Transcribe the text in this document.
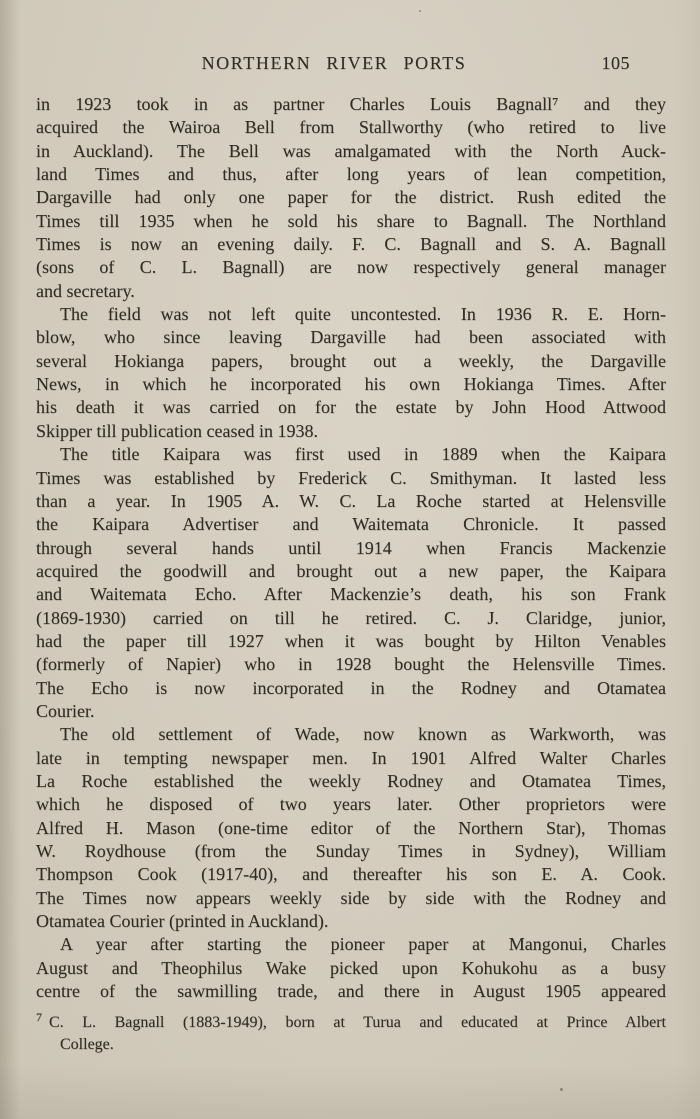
NORTHERN RIVER PORTS	105
in 1923 took in as partner Charles Louis Bagnall⁷ and they
acquired the Wairoa Bell from Stallworthy (who retired to live
in Auckland). The Bell was amalgamated with the North Auck-
land Times and thus, after long years of lean competition,
Dargaville had only one paper for the district. Rush edited the
Times till 1935 when he sold his share to Bagnall. The Northland
Times is now an evening daily. F. C. Bagnall and S. A. Bagnall
(sons of C. L. Bagnall) are now respectively general manager
and secretary.
The field was not left quite uncontested. In 1936 R. E. Horn-
blow, who since leaving Dargaville had been associated with
several Hokianga papers, brought out a weekly, the Dargaville
News, in which he incorporated his own Hokianga Times. After
his death it was carried on for the estate by John Hood Attwood
Skipper till publication ceased in 1938.
The title Kaipara was first used in 1889 when the Kaipara
Times was established by Frederick C. Smithyman. It lasted less
than a year. In 1905 A. W. C. La Roche started at Helensville
the Kaipara Advertiser and Waitemata Chronicle. It passed
through several hands until 1914 when Francis Mackenzie
acquired the goodwill and brought out a new paper, the Kaipara
and Waitemata Echo. After Mackenzie’s death, his son Frank
(1869-1930) carried on till he retired. C. J. Claridge, junior,
had the paper till 1927 when it was bought by Hilton Venables
(formerly of Napier) who in 1928 bought the Helensville Times.
The Echo is now incorporated in the Rodney and Otamatea
Courier.
The old settlement of Wade, now known as Warkworth, was
late in tempting newspaper men. In 1901 Alfred Walter Charles
La Roche established the weekly Rodney and Otamatea Times,
which he disposed of two years later. Other proprietors were
Alfred H. Mason (one-time editor of the Northern Star), Thomas
W. Roydhouse (from the Sunday Times in Sydney), William
Thompson Cook (1917-40), and thereafter his son E. A. Cook.
The Times now appears weekly side by side with the Rodney and
Otamatea Courier (printed in Auckland).
A year after starting the pioneer paper at Mangonui, Charles
August and Theophilus Wake picked upon Kohukohu as a busy
centre of the sawmilling trade, and there in August 1905 appeared
$^7$ C. L. Bagnall (1883-1949), born at Turua and educated at Prince Albert
College.
